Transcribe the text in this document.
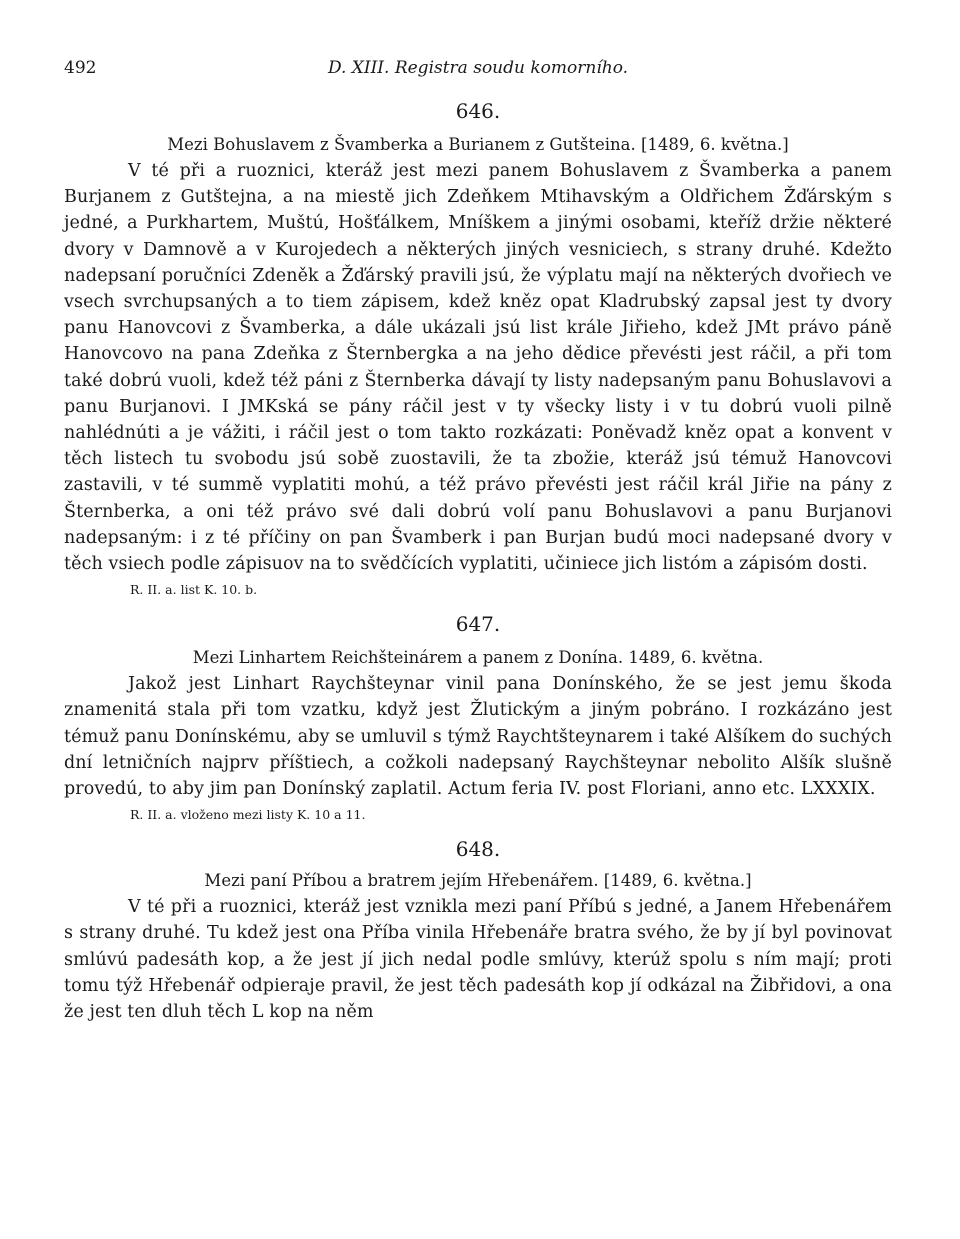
492	D. XIII. Registra soudu komorního.

646.

Mezi Bohuslavem z Švamberka a Burianem z Gutšteina. [1489, 6. května.]

V té při a ruoznici, kteráž jest mezi panem Bohuslavem z Švamberka a panem Burjanem z Gutštejna, a na miestě jich Zdeňkem Mtihavským a Oldřichem Žďárským s jedné, a Purkhartem, Muštú, Hošťálkem, Mníškem a jinými osobami, kteříž držie některé dvory v Damnově a v Kurojedech a některých jiných vesniciech, s strany druhé. Kdežto nadepsaní poručníci Zdeněk a Žďárský pravili jsú, že výplatu mají na některých dvořiech ve vsech svrchupsaných a to tiem zápisem, kdež kněz opat Kladrubský zapsal jest ty dvory panu Hanovcovi z Švamberka, a dále ukázali jsú list krále Jiřieho, kdež JMt právo páně Hanovcovo na pana Zdeňka z Šternbergka a na jeho dědice převésti jest ráčil, a při tom také dobrú vuoli, kdež též páni z Šternberka dávají ty listy nadepsaným panu Bohuslavovi a panu Burjanovi. I JMKská se pány ráčil jest v ty všecky listy i v tu dobrú vuoli pilně nahlédnúti a je vážiti, i ráčil jest o tom takto rozkázati: Poněvadž kněz opat a konvent v těch listech tu svobodu jsú sobě zuostavili, že ta zbožie, kteráž jsú témuž Hanovcovi zastavili, v té summě vyplatiti mohú, a též právo převésti jest ráčil král Jiřie na pány z Šternberka, a oni též právo své dali dobrú volí panu Bohuslavovi a panu Burjanovi nadepsaným: i z té příčiny on pan Švamberk i pan Burjan budú moci nadepsané dvory v těch vsiech podle zápisuov na to svědčících vyplatiti, učiniece jich listóm a zápisóm dosti.

R. II. a. list K. 10. b.

647.

Mezi Linhartem Reichšteinárem a panem z Donína. 1489, 6. května.

Jakož jest Linhart Raychšteynar vinil pana Donínského, že se jest jemu škoda znamenitá stala při tom vzatku, když jest Žlutickým a jiným pobráno. I rozkázáno jest témuž panu Donínskému, aby se umluvil s týmž Raychtšteynarem i také Alšíkem do suchých dní letničních najprv příštiech, a cožkoli nadepsaný Raychšteynar nebolito Alšík slušně provedú, to aby jim pan Donínský zaplatil. Actum feria IV. post Floriani, anno etc. LXXXIX.

R. II. a. vloženo mezi listy K. 10 a 11.

648.

Mezi paní Příbou a bratrem jejím Hřebenářem. [1489, 6. května.]

V té při a ruoznici, kteráž jest vznikla mezi paní Příbú s jedné, a Janem Hřebenářem s strany druhé. Tu kdež jest ona Příba vinila Hřebenáře bratra svého, že by jí byl povinovat smlúvú padesáth kop, a že jest jí jich nedal podle smlúvy, kterúž spolu s ním mají; proti tomu týž Hřebenář odpieraje pravil, že jest těch padesáth kop jí odkázal na Žibřidovi, a ona že jest ten dluh těch L kop na něm
